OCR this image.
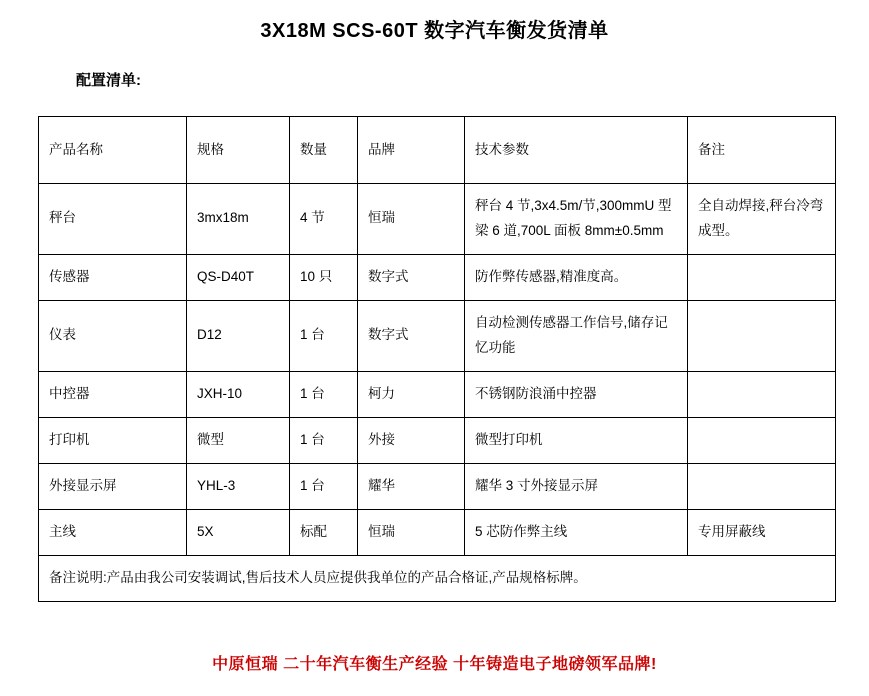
3X18M SCS-60T 数字汽车衡发货清单
配置清单:
产品名称	规格	数量	品牌	技术参数	备注
秤台	3mx18m	4 节	恒瑞	秤台 4 节,3x4.5m/节,300mmU 型梁 6 道,700L 面板 8mm±0.5mm	全自动焊接,秤台冷弯成型。
传感器	QS-D40T	10 只	数字式	防作弊传感器,精准度高。	
仪表	D12	1 台	数字式	自动检测传感器工作信号,储存记忆功能	
中控器	JXH-10	1 台	柯力	不锈钢防浪涌中控器	
打印机	微型	1 台	外接	微型打印机	
外接显示屏	YHL-3	1 台	耀华	耀华 3 寸外接显示屏	
主线	5X	标配	恒瑞	5 芯防作弊主线	专用屏蔽线
备注说明:产品由我公司安装调试,售后技术人员应提供我单位的产品合格证,产品规格标牌。					
中原恒瑞 二十年汽车衡生产经验 十年铸造电子地磅领军品牌!
